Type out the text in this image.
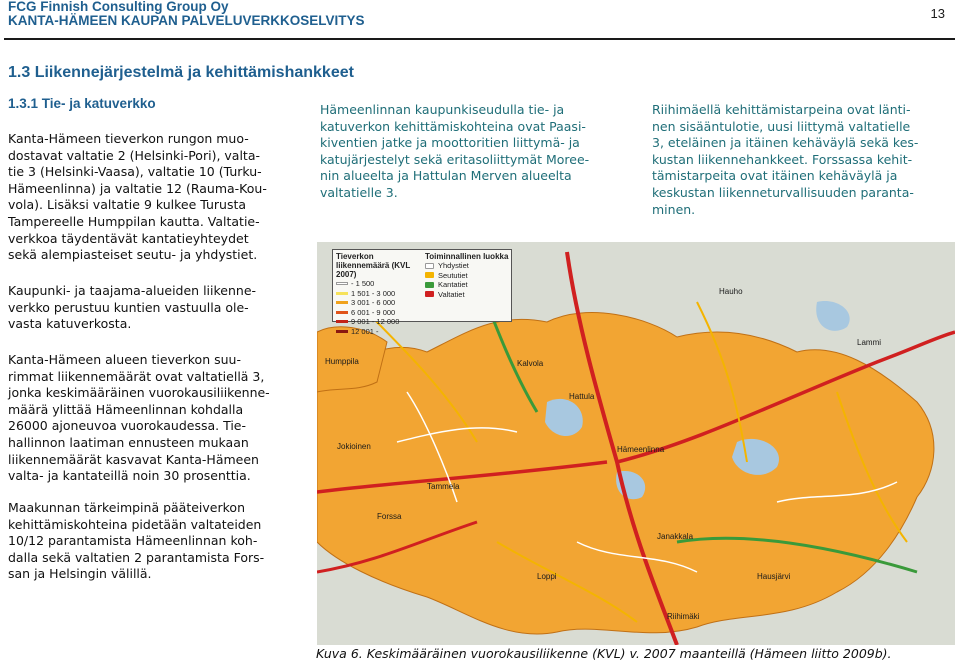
FCG Finnish Consulting Group Oy
KANTA-HÄMEEN KAUPAN PALVELUVERKKOSELVITYS	13
1.3 Liikennejärjestelmä ja kehittämishankkeet
1.3.1 Tie- ja katuverkko
Kanta-Hämeen tieverkon rungon muo-
dostavat valtatie 2 (Helsinki-Pori), valta-
tie 3 (Helsinki-Vaasa), valtatie 10 (Turku-
Hämeenlinna) ja valtatie 12 (Rauma-Kou-
vola). Lisäksi valtatie 9 kulkee Turusta
Tampereelle Humppilan kautta. Valtatie-
verkkoa täydentävät kantatieyhteydet
sekä alempiasteiset seutu- ja yhdystiet.
Kaupunki- ja taajama-alueiden liikenne-
verkko perustuu kuntien vastuulla ole-
vasta katuverkosta.
Kanta-Hämeen alueen tieverkon suu-
rimmat liikennemäärät ovat valtatiellä 3,
jonka keskimääräinen vuorokausiliikenne-
määrä ylittää Hämeenlinnan kohdalla
26000 ajoneuvoa vuorokaudessa. Tie-
hallinnon laatiman ennusteen mukaan
liikennemäärät kasvavat Kanta-Hämeen
valta- ja kantateillä noin 30 prosenttia.
Maakunnan tärkeimpinä pääteiverkon
kehittämiskohteina pidetään valtateiden
10/12 parantamista Hämeenlinnan koh-
dalla sekä valtatien 2 parantamista Fors-
san ja Helsingin välillä.
Hämeenlinnan kaupunkiseudulla tie- ja
katuverkon kehittämiskohteina ovat Paasi-
kiventien jatke ja moottoritien liittymä- ja
katujärjestelyt sekä eritasoliittymät Moree-
nin alueelta ja Hattulan Merven alueelta
valtatielle 3.
Riihimäellä kehittämistarpeina ovat länti-
nen sisääntulotie, uusi liittymä valtatielle
3, eteläinen ja itäinen kehäväylä sekä kes-
kustan liikennehankkeet. Forssassa kehit-
tämistarpeita ovat itäinen kehäväylä ja
keskustan liikenneturvallisuuden paranta-
minen.
Hauho
Lammi
Kalvola
Hämeenlinna
Hattula
Humppila
Forssa
Riihimäki
Loppi
Janakkala
Hausjärvi
Tammela
Jokioinen
Tieverkon liikennemäärä (KVL 2007)
- 1 500
1 501 - 3 000
3 001 - 6 000
6 001 - 9 000
9 001 - 12 000
12 001 -
Toiminnallinen luokka
Yhdystiet
Seututiet
Kantatiet
Valtatiet
Kuva 6. Keskimääräinen vuorokausiliikenne (KVL) v. 2007 maanteillä (Hämeen liitto 2009b).
